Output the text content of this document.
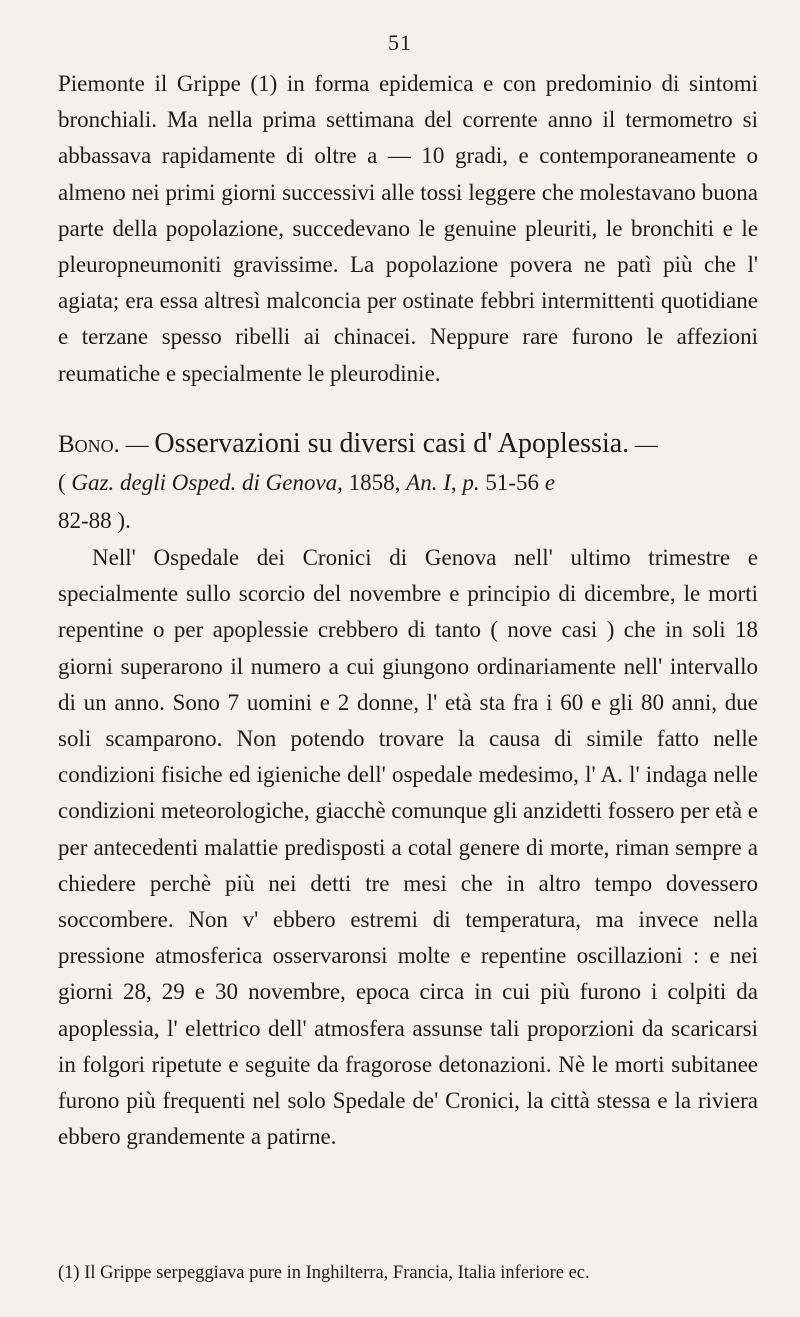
51

Piemonte il Grippe (1) in forma epidemica e con predominio di sintomi bronchiali. Ma nella prima settimana del corrente anno il termometro si abbassava rapidamente di oltre a — 10 gradi, e contemporaneamente o almeno nei primi giorni successivi alle tossi leggere che molestavano buona parte della popolazione, succedevano le genuine pleuriti, le bronchiti e le pleuropneumoniti gravissime. La popolazione povera ne patì più che l' agiata; era essa altresì malconcia per ostinate febbri intermittenti quotidiane e terzane spesso ribelli ai chinacei. Neppure rare furono le affezioni reumatiche e specialmente le pleurodinie.

Bono. — Osservazioni su diversi casi d' Apoplessia. —

( Gaz. degli Osped. di Genova, 1858, An. I, p. 51-56 e

82-88 ).

Nell' Ospedale dei Cronici di Genova nell' ultimo trimestre e specialmente sullo scorcio del novembre e principio di dicembre, le morti repentine o per apoplessie crebbero di tanto ( nove casi ) che in soli 18 giorni superarono il numero a cui giungono ordinariamente nell' intervallo di un anno. Sono 7 uomini e 2 donne, l' età sta fra i 60 e gli 80 anni, due soli scamparono. Non potendo trovare la causa di simile fatto nelle condizioni fisiche ed igieniche dell' ospedale medesimo, l' A. l' indaga nelle condizioni meteorologiche, giacchè comunque gli anzidetti fossero per età e per antecedenti malattie predisposti a cotal genere di morte, riman sempre a chiedere perchè più nei detti tre mesi che in altro tempo dovessero soccombere. Non v' ebbero estremi di temperatura, ma invece nella pressione atmosferica osservaronsi molte e repentine oscillazioni : e nei giorni 28, 29 e 30 novembre, epoca circa in cui più furono i colpiti da apoplessia, l' elettrico dell' atmosfera assunse tali proporzioni da scaricarsi in folgori ripetute e seguite da fragorose detonazioni. Nè le morti subitanee furono più frequenti nel solo Spedale de' Cronici, la città stessa e la riviera ebbero grandemente a patirne.

(1) Il Grippe serpeggiava pure in Inghilterra, Francia, Italia inferiore ec.
